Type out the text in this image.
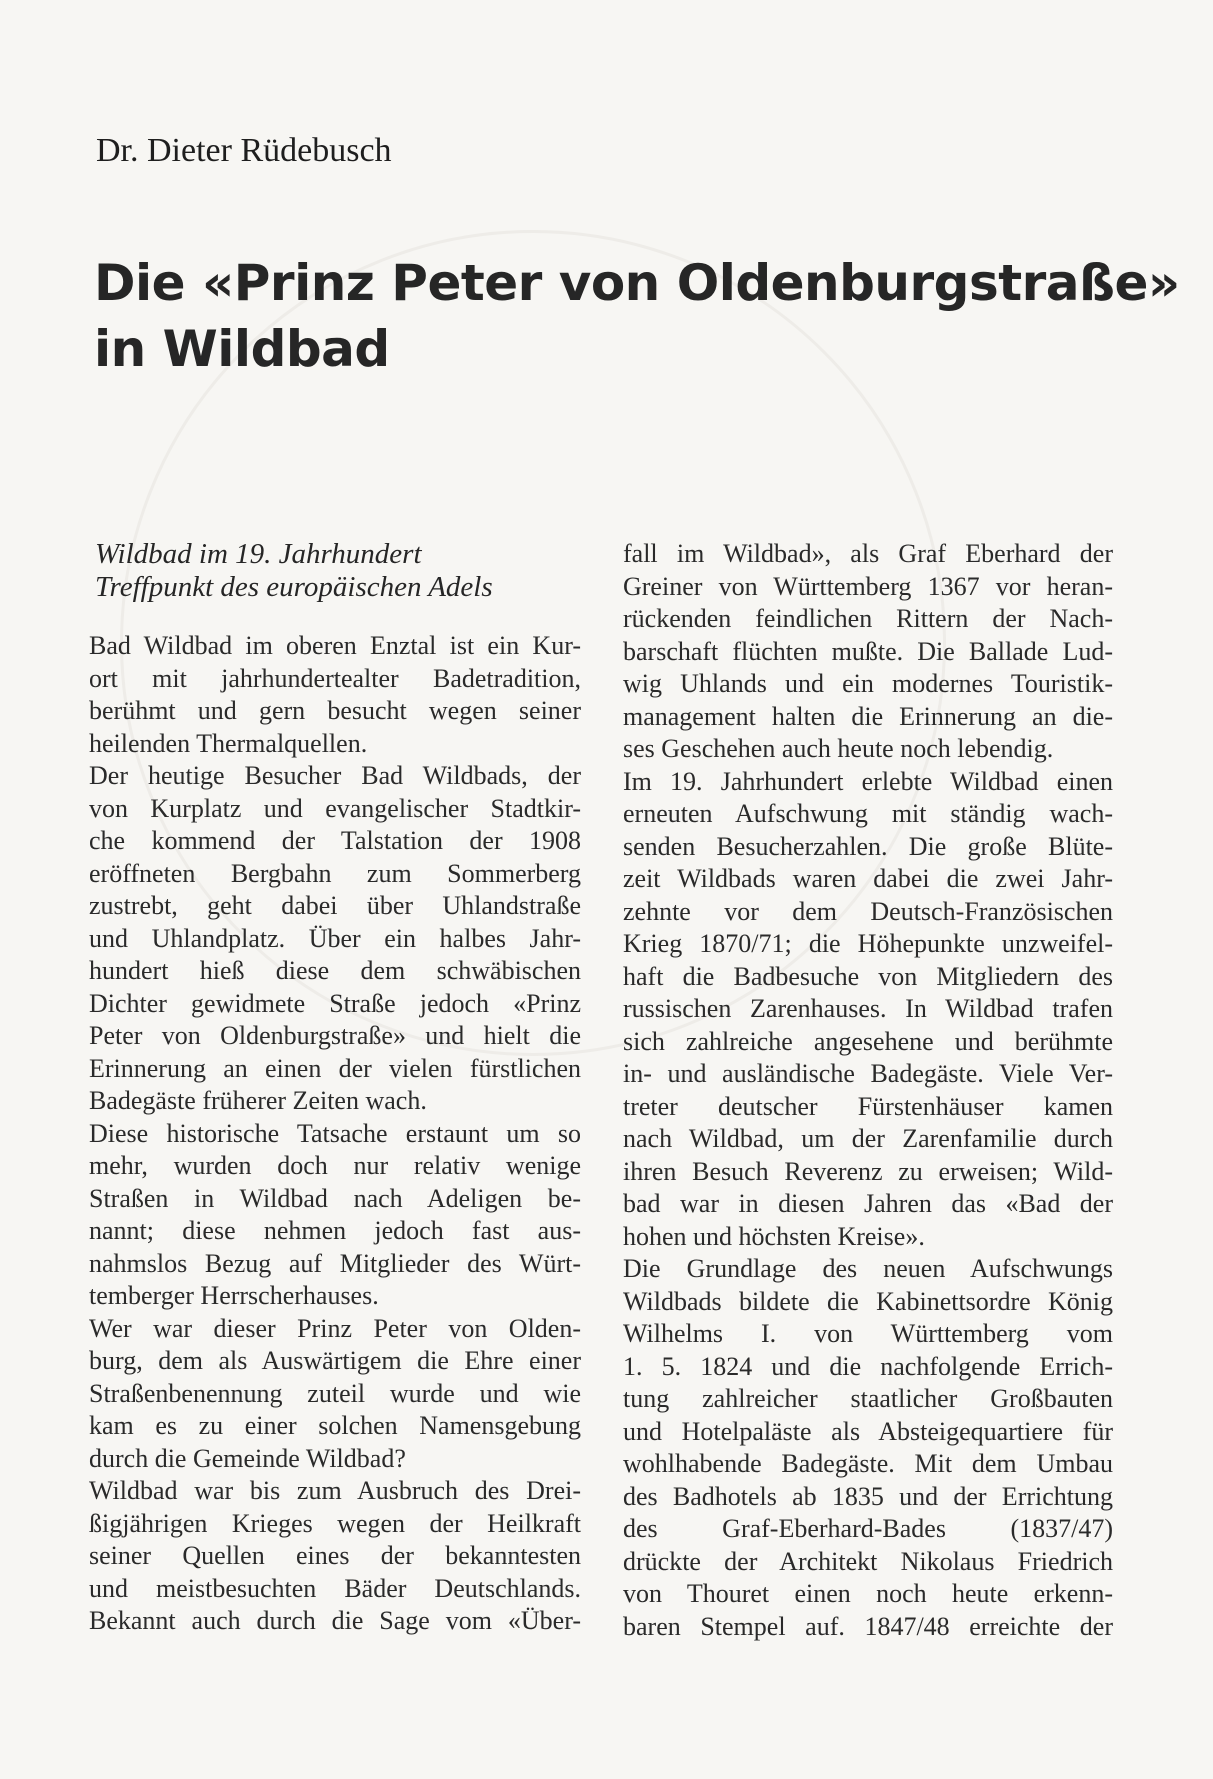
Dr. Dieter Rüdebusch
Die «Prinz Peter von Oldenburgstraße»
in Wildbad
Wildbad im 19. Jahrhundert
Treffpunkt des europäischen Adels
Bad Wildbad im oberen Enztal ist ein Kur-
ort mit jahrhundertealter Badetradition,
berühmt und gern besucht wegen seiner
heilenden Thermalquellen.
Der heutige Besucher Bad Wildbads, der
von Kurplatz und evangelischer Stadtkir-
che kommend der Talstation der 1908
eröffneten Bergbahn zum Sommerberg
zustrebt, geht dabei über Uhlandstraße
und Uhlandplatz. Über ein halbes Jahr-
hundert hieß diese dem schwäbischen
Dichter gewidmete Straße jedoch «Prinz
Peter von Oldenburgstraße» und hielt die
Erinnerung an einen der vielen fürstlichen
Badegäste früherer Zeiten wach.
Diese historische Tatsache erstaunt um so
mehr, wurden doch nur relativ wenige
Straßen in Wildbad nach Adeligen be-
nannt; diese nehmen jedoch fast aus-
nahmslos Bezug auf Mitglieder des Würt-
temberger Herrscherhauses.
Wer war dieser Prinz Peter von Olden-
burg, dem als Auswärtigem die Ehre einer
Straßenbenennung zuteil wurde und wie
kam es zu einer solchen Namensgebung
durch die Gemeinde Wildbad?
Wildbad war bis zum Ausbruch des Drei-
ßigjährigen Krieges wegen der Heilkraft
seiner Quellen eines der bekanntesten
und meistbesuchten Bäder Deutschlands.
Bekannt auch durch die Sage vom «Über-
fall im Wildbad», als Graf Eberhard der
Greiner von Württemberg 1367 vor heran-
rückenden feindlichen Rittern der Nach-
barschaft flüchten mußte. Die Ballade Lud-
wig Uhlands und ein modernes Touristik-
management halten die Erinnerung an die-
ses Geschehen auch heute noch lebendig.
Im 19. Jahrhundert erlebte Wildbad einen
erneuten Aufschwung mit ständig wach-
senden Besucherzahlen. Die große Blüte-
zeit Wildbads waren dabei die zwei Jahr-
zehnte vor dem Deutsch-Französischen
Krieg 1870/71; die Höhepunkte unzweifel-
haft die Badbesuche von Mitgliedern des
russischen Zarenhauses. In Wildbad trafen
sich zahlreiche angesehene und berühmte
in- und ausländische Badegäste. Viele Ver-
treter deutscher Fürstenhäuser kamen
nach Wildbad, um der Zarenfamilie durch
ihren Besuch Reverenz zu erweisen; Wild-
bad war in diesen Jahren das «Bad der
hohen und höchsten Kreise».
Die Grundlage des neuen Aufschwungs
Wildbads bildete die Kabinettsordre König
Wilhelms I. von Württemberg vom
1. 5. 1824 und die nachfolgende Errich-
tung zahlreicher staatlicher Großbauten
und Hotelpaläste als Absteigequartiere für
wohlhabende Badegäste. Mit dem Umbau
des Badhotels ab 1835 und der Errichtung
des Graf-Eberhard-Bades (1837/47)
drückte der Architekt Nikolaus Friedrich
von Thouret einen noch heute erkenn-
baren Stempel auf. 1847/48 erreichte der
